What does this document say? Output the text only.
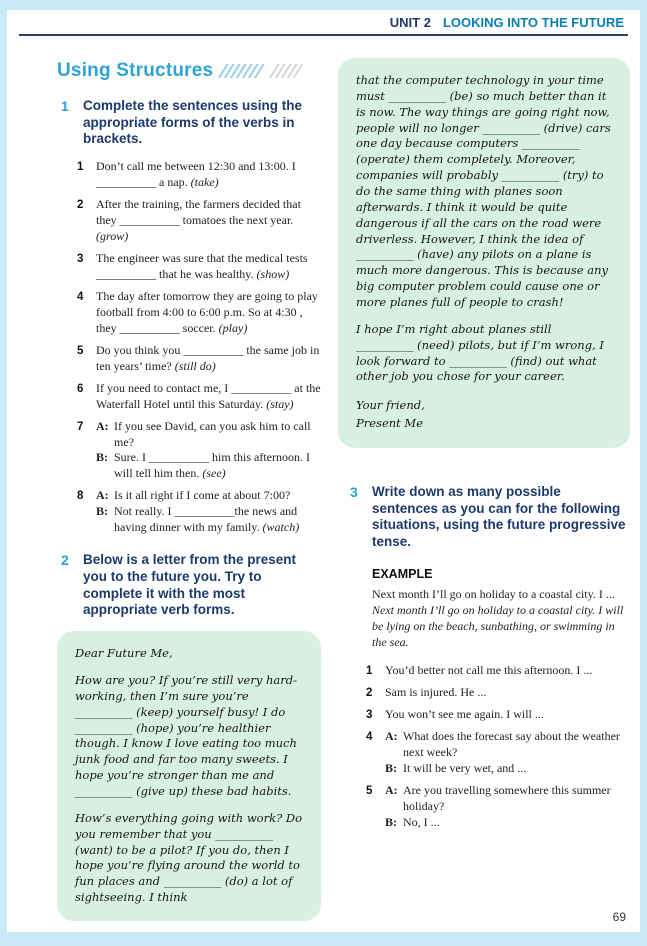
UNIT 2 LOOKING INTO THE FUTURE
Using Structures
1	Complete the sentences using the appropriate forms of the verbs in brackets.
1	Don’t call me between 12:30 and 13:00. I __________ a nap. (take)
2	After the training, the farmers decided that they __________ tomatoes the next year. (grow)
3	The engineer was sure that the medical tests __________ that he was healthy. (show)
4	The day after tomorrow they are going to play football from 4:00 to 6:00 p.m. So at 4:30 , they __________ soccer. (play)
5	Do you think you __________ the same job in ten years’ time? (still do)
6	If you need to contact me, I __________ at the Waterfall Hotel until this Saturday. (stay)
7	A: If you see David, can you ask him to call me?
B: Sure. I __________ him this afternoon. I will tell him then. (see)
8	A: Is it all right if I come at about 7:00?
B: Not really. I __________the news and having dinner with my family. (watch)
2	Below is a letter from the present you to the future you. Try to complete it with the most appropriate verb forms.

Dear Future Me,

How are you? If you’re still very hard-working, then I’m sure you’re __________ (keep) yourself busy! I do __________ (hope) you’re healthier though. I know I love eating too much junk food and far too many sweets. I hope you’re stronger than me and __________ (give up) these bad habits.

How’s everything going with work? Do you remember that you __________ (want) to be a pilot? If you do, then I hope you’re flying around the world to fun places and __________ (do) a lot of sightseeing. I think

that the computer technology in your time must __________ (be) so much better than it is now. The way things are going right now, people will no longer __________ (drive) cars one day because computers __________ (operate) them completely. Moreover, companies will probably __________ (try) to do the same thing with planes soon afterwards. I think it would be quite dangerous if all the cars on the road were driverless. However, I think the idea of __________ (have) any pilots on a plane is much more dangerous. This is because any big computer problem could cause one or more planes full of people to crash!

I hope I’m right about planes still __________ (need) pilots, but if I’m wrong, I look forward to __________ (find) out what other job you chose for your career.

Your friend,
Present Me
3	Write down as many possible sentences as you can for the following situations, using the future progressive tense.
EXAMPLE
Next month I’ll go on holiday to a coastal city. I ...
Next month I’ll go on holiday to a coastal city. I will be lying on the beach, sunbathing, or swimming in the sea.
1	You’d better not call me this afternoon. I ...
2	Sam is injured. He ...
3	You won’t see me again. I will ...
4	A: What does the forecast say about the weather next week?
B: It will be very wet, and ...
5	A: Are you travelling somewhere this summer holiday?
B: No, I ...
69
